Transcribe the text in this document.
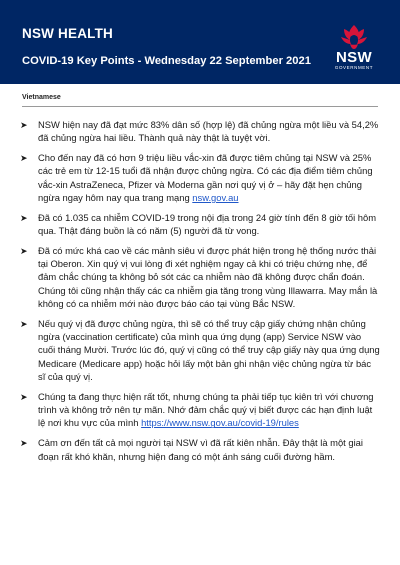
NSW HEALTH
COVID-19 Key Points - Wednesday 22 September 2021	NSW
GOVERNMENT
Vietnamese
➤ NSW hiện nay đã đạt mức 83% dân số (hợp lệ) đã chủng ngừa một liều và 54,2% đã chủng ngừa hai liều. Thành quả này thật là tuyệt vời.
➤ Cho đến nay đã có hơn 9 triệu liều vắc-xin đã được tiêm chủng tại NSW và 25% các trẻ em từ 12-15 tuổi đã nhận được chủng ngừa. Có các địa điểm tiêm chủng vắc-xin AstraZeneca, Pfizer và Moderna gần nơi quý vị ở – hãy đặt hẹn chủng ngừa ngay hôm nay qua trang mạng nsw.gov.au
➤ Đã có 1.035 ca nhiễm COVID-19 trong nội địa trong 24 giờ tính đến 8 giờ tối hôm qua. Thật đáng buồn là có năm (5) người đã từ vong.
➤ Đã có mức khá cao về các mảnh siêu vi được phát hiện trong hệ thống nước thải tại Oberon. Xin quý vị vui lòng đi xét nghiệm ngay cả khi có triệu chứng nhẹ, để đảm chắc chúng ta không bỏ sót các ca nhiễm nào đã không được chẩn đoán. Chúng tôi cũng nhận thấy các ca nhiễm gia tăng trong vùng Illawarra. May mắn là không có ca nhiễm mới nào được báo cáo tại vùng Bắc NSW.
➤ Nếu quý vị đã được chủng ngừa, thì sẽ có thể truy cập giấy chứng nhận chủng ngừa (vaccination certificate) của mình qua ứng dụng (app) Service NSW vào cuối tháng Mười. Trước lúc đó, quý vị cũng có thể truy cập giấy này qua ứng dụng Medicare (Medicare app) hoặc hỏi lấy một bản ghi nhận việc chủng ngừa từ bác sĩ của quý vị.
➤ Chúng ta đang thực hiện rất tốt, nhưng chúng ta phải tiếp tục kiên trì với chương trình và không trở nên tự mãn. Nhớ đảm chắc quý vị biết được các hạn định luật lệ nơi khu vực của mình https://www.nsw.gov.au/covid-19/rules
➤ Cảm ơn đến tất cả mọi người tại NSW vì đã rất kiên nhẫn. Đây thật là một giai đoạn rất khó khăn, nhưng hiện đang có một ánh sáng cuối đường hầm.
